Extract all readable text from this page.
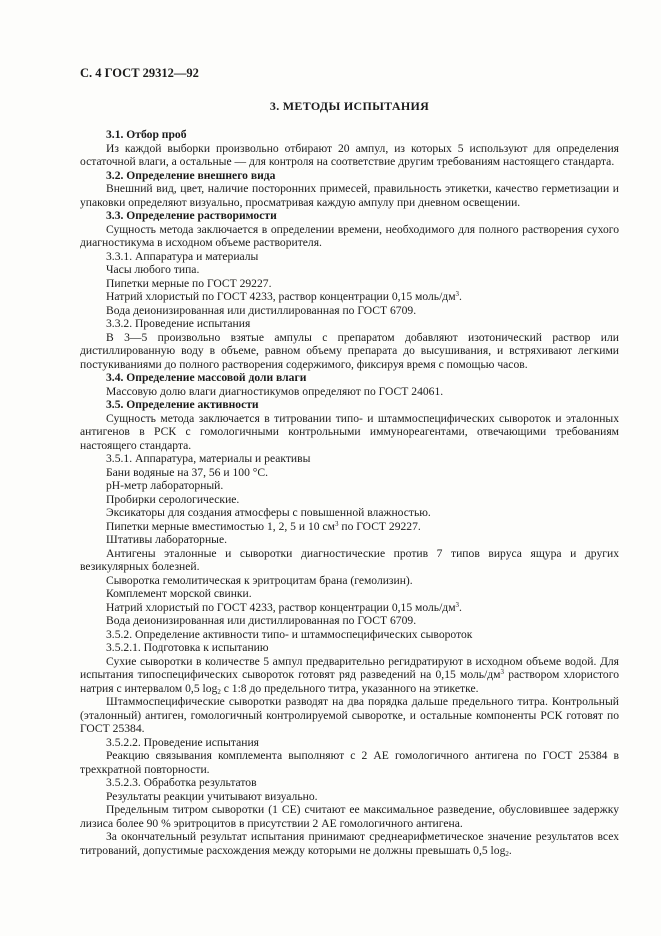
С. 4 ГОСТ 29312—92
3. МЕТОДЫ ИСПЫТАНИЯ
3.1. Отбор проб
Из каждой выборки произвольно отбирают 20 ампул, из которых 5 используют для определения остаточной влаги, а остальные — для контроля на соответствие другим требованиям настоящего стандарта.
3.2. Определение внешнего вида
Внешний вид, цвет, наличие посторонних примесей, правильность этикетки, качество герметизации и упаковки определяют визуально, просматривая каждую ампулу при дневном освещении.
3.3. Определение растворимости
Сущность метода заключается в определении времени, необходимого для полного растворения сухого диагностикума в исходном объеме растворителя.
3.3.1. Аппаратура и материалы
Часы любого типа.
Пипетки мерные по ГОСТ 29227.
Натрий хлористый по ГОСТ 4233, раствор концентрации 0,15 моль/$дм^3$.
Вода деионизированная или дистиллированная по ГОСТ 6709.
3.3.2. Проведение испытания
В 3—5 произвольно взятые ампулы с препаратом добавляют изотонический раствор или дистиллированную воду в объеме, равном объему препарата до высушивания, и встряхивают легкими постукиваниями до полного растворения содержимого, фиксируя время с помощью часов.
3.4. Определение массовой доли влаги
Массовую долю влаги диагностикумов определяют по ГОСТ 24061.
3.5. Определение активности
Сущность метода заключается в титровании типо- и штаммоспецифических сывороток и эталонных антигенов в РСК с гомологичными контрольными иммунореагентами, отвечающими требованиям настоящего стандарта.
3.5.1. Аппаратура, материалы и реактивы
Бани водяные на 37, 56 и 100 °С.
pH-метр лабораторный.
Пробирки серологические.
Эксикаторы для создания атмосферы с повышенной влажностью.
Пипетки мерные вместимостью 1, 2, 5 и 10 $см^3$ по ГОСТ 29227.
Штативы лабораторные.
Антигены эталонные и сыворотки диагностические против 7 типов вируса ящура и других везикулярных болезней.
Сыворотка гемолитическая к эритроцитам брана (гемолизин).
Комплемент морской свинки.
Натрий хлористый по ГОСТ 4233, раствор концентрации 0,15 моль/$дм^3$.
Вода деионизированная или дистиллированная по ГОСТ 6709.
3.5.2. Определение активности типо- и штаммоспецифических сывороток
3.5.2.1. Подготовка к испытанию
Сухие сыворотки в количестве 5 ампул предварительно регидратируют в исходном объеме водой. Для испытания типоспецифических сывороток готовят ряд разведений на 0,15 моль/$дм^3$ раствором хлористого натрия с интервалом 0,5 $\log_2 с$ 1:8 до предельного титра, указанного на этикетке.
Штаммоспецифические сыворотки разводят на два порядка дальше предельного титра. Контрольный (эталонный) антиген, гомологичный контролируемой сыворотке, и остальные компоненты РСК готовят по ГОСТ 25384.
3.5.2.2. Проведение испытания
Реакцию связывания комплемента выполняют с 2 АЕ гомологичного антигена по ГОСТ 25384 в трехкратной повторности.
3.5.2.3. Обработка результатов
Результаты реакции учитывают визуально.
Предельным титром сыворотки (1 СЕ) считают ее максимальное разведение, обусловившее задержку лизиса более 90 % эритроцитов в присутствии 2 АЕ гомологичного антигена.
За окончательный результат испытания принимают среднеарифметическое значение результатов всех титрований, допустимые расхождения между которыми не должны превышать 0,5 $\log_2$.
